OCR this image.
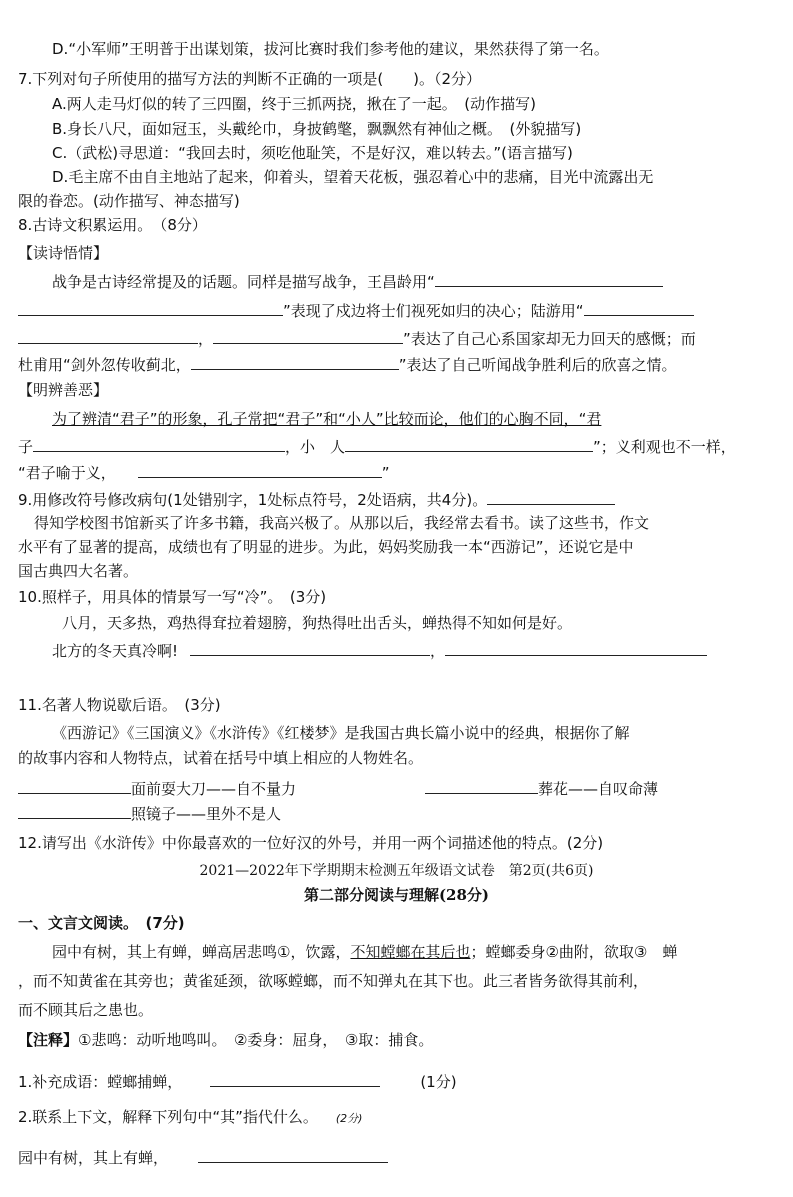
D.“小军师”王明普于出谋划策，拔河比赛时我们参考他的建议，果然获得了第一名。
7.下列对句子所使用的描写方法的判断不正确的一项是(　　)。（2分）
A.两人走马灯似的转了三四圈，终于三抓两挠，揪在了一起。　(动作描写)
B.身长八尺，面如冠玉，头戴纶巾，身披鹤氅，飘飘然有神仙之概。　(外貌描写)
C.（武松)寻思道：“我回去时，须吃他耻笑，不是好汉，难以转去。”(语言描写)
D.毛主席不由自主地站了起来，仰着头，望着天花板，强忍着心中的悲痛，目光中流露出无
限的眷恋。(动作描写、神态描写)
8.古诗文积累运用。　（8分）
【读诗悟情】
战争是古诗经常提及的话题。同样是描写战争，王昌龄用“
”表现了戍边将士们视死如归的决心；陆游用“
，	”表达了自己心系国家却无力回天的感慨；而
杜甫用“剑外忽传收蓟北，	”表达了自己听闻战争胜利后的欣喜之情。
【明辨善恶】
为了辨清“君子”的形象，孔子常把“君子”和“小人”比较而论，他们的心胸不同，“君
子	，小　人	”；义利观也不一样，
“君子喻于义，	”
9.用修改符号修改病句(1处错别字，1处标点符号，2处语病，共4分)。
得知学校图书馆新买了许多书籍，我高兴极了。从那以后，我经常去看书。读了这些书，作文
水平有了显著的提高，成绩也有了明显的进步。为此，妈妈奖励我一本“西游记”，还说它是中
国古典四大名著。
10.照样子，用具体的情景写一写“冷”。　(3分)
八月，天多热，鸡热得耷拉着翅膀，狗热得吐出舌头，蝉热得不知如何是好。
北方的冬天真冷啊!	，
11.名著人物说歇后语。　(3分)
《西游记》《三国演义》《水浒传》《红楼梦》是我国古典长篇小说中的经典，根据你了解
的故事内容和人物特点，试着在括号中填上相应的人物姓名。
面前耍大刀——自不量力	葬花——自叹命薄
照镜子——里外不是人
12.请写出《水浒传》中你最喜欢的一位好汉的外号，并用一两个词描述他的特点。(2分)
2021—2022年下学期期末检测五年级语文试卷　第2页(共6页)
第二部分阅读与理解(28分)
一、文言文阅读。　(7分)
园中有树，其上有蝉，蝉高居悲鸣①，饮露，不知螳螂在其后也；螳螂委身②曲附，欲取③　蝉
，而不知黄雀在其旁也；黄雀延颈，欲啄螳螂，而不知弹丸在其下也。此三者皆务欲得其前利，
而不顾其后之患也。
【注释】①悲鸣：动听地鸣叫。　②委身：屈身，　③取：捕食。
1.补充成语：螳螂捕蝉，	(1分)
2.联系上下文，解释下列句中“其”指代什么。 (2分)
园中有树，其上有蝉，
